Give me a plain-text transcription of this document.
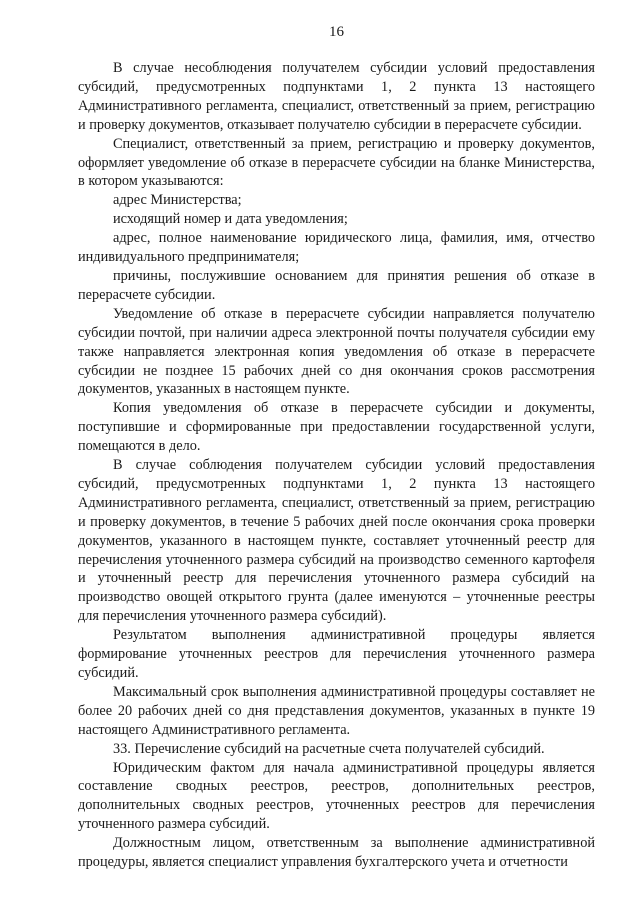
16

В случае несоблюдения получателем субсидии условий предоставления субсидий, предусмотренных подпунктами 1, 2 пункта 13 настоящего Административного регламента, специалист, ответственный за прием, регистрацию и проверку документов, отказывает получателю субсидии в перерасчете субсидии.

Специалист, ответственный за прием, регистрацию и проверку документов, оформляет уведомление об отказе в перерасчете субсидии на бланке Министерства, в котором указываются:

адрес Министерства;

исходящий номер и дата уведомления;

адрес, полное наименование юридического лица, фамилия, имя, отчество индивидуального предпринимателя;

причины, послужившие основанием для принятия решения об отказе в перерасчете субсидии.

Уведомление об отказе в перерасчете субсидии направляется получателю субсидии почтой, при наличии адреса электронной почты получателя субсидии ему также направляется электронная копия уведомления об отказе в перерасчете субсидии не позднее 15 рабочих дней со дня окончания сроков рассмотрения документов, указанных в настоящем пункте.

Копия уведомления об отказе в перерасчете субсидии и документы, поступившие и сформированные при предоставлении государственной услуги, помещаются в дело.

В случае соблюдения получателем субсидии условий предоставления субсидий, предусмотренных подпунктами 1, 2 пункта 13 настоящего Административного регламента, специалист, ответственный за прием, регистрацию и проверку документов, в течение 5 рабочих дней после окончания срока проверки документов, указанного в настоящем пункте, составляет уточненный реестр для перечисления уточненного размера субсидий на производство семенного картофеля и уточненный реестр для перечисления уточненного размера субсидий на производство овощей открытого грунта (далее именуются – уточненные реестры для перечисления уточненного размера субсидий).

Результатом выполнения административной процедуры является формирование уточненных реестров для перечисления уточненного размера субсидий.

Максимальный срок выполнения административной процедуры составляет не более 20 рабочих дней со дня представления документов, указанных в пункте 19 настоящего Административного регламента.

33. Перечисление субсидий на расчетные счета получателей субсидий.

Юридическим фактом для начала административной процедуры является составление сводных реестров, реестров, дополнительных реестров, дополнительных сводных реестров, уточненных реестров для перечисления уточненного размера субсидий.

Должностным лицом, ответственным за выполнение административной процедуры, является специалист управления бухгалтерского учета и отчетности
